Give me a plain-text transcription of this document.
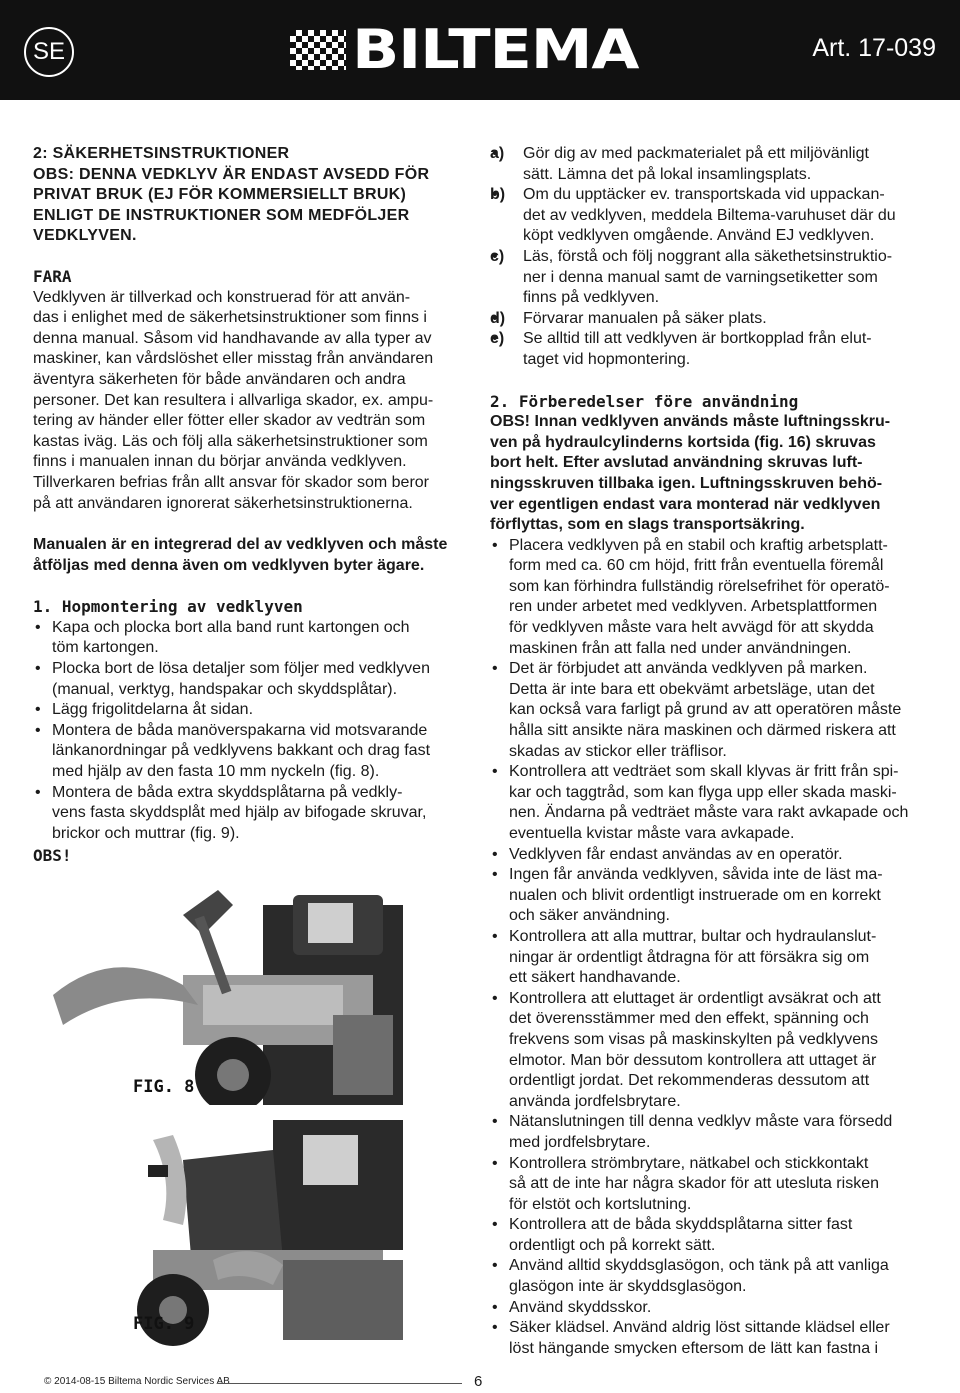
SE	BILTEMA	Art. 17-039

2: SÄKERHETSINSTRUKTIONER

OBS: DENNA VEDKLYV ÄR ENDAST AVSEDD FÖR

PRIVAT BRUK (EJ FÖR KOMMERSIELLT BRUK)

ENLIGT DE INSTRUKTIONER SOM MEDFÖLJER

VEDKLYVEN.

FARA

Vedklyven är tillverkad och konstruerad för att använ-

das i enlighet med de säkerhetsinstruktioner som finns i

denna manual. Såsom vid handhavande av alla typer av

maskiner, kan vårdslöshet eller misstag från användaren

äventyra säkerheten för både användaren och andra

personer. Det kan resultera i allvarliga skador, ex. ampu-

tering av händer eller fötter eller skador av vedträn som

kastas iväg. Läs och följ alla säkerhetsinstruktioner som

finns i manualen innan du börjar använda vedklyven.

Tillverkaren befrias från allt ansvar för skador som beror

på att användaren ignorerat säkerhetsinstruktionerna.

Manualen är en integrerad del av vedklyven och måste

åtföljas med denna även om vedklyven byter ägare.

1. Hopmontering av vedklyven

• Kapa och plocka bort alla band runt kartongen och
töm kartongen.
• Plocka bort de lösa detaljer som följer med vedklyven
(manual, verktyg, handspakar och skyddsplåtar).
• Lägg frigolitdelarna åt sidan.
• Montera de båda manöverspakarna vid motsvarande
länkanordningar på vedklyvens bakkant och drag fast
med hjälp av den fasta 10 mm nyckeln (fig. 8).
• Montera de båda extra skyddsplåtarna på vedkly-
vens fasta skyddsplåt med hjälp av bifogade skruvar,
brickor och muttrar (fig. 9).

OBS!

FIG. 8
FIG. 9
• a) Gör dig av med packmaterialet på ett miljövänligt
sätt. Lämna det på lokal insamlingsplats.
• b) Om du upptäcker ev. transportskada vid uppackan-
det av vedklyven, meddela Biltema-varuhuset där du
köpt vedklyven omgående. Använd EJ vedklyven.
• c) Läs, förstå och följ noggrant alla säkethetsinstruktio-
ner i denna manual samt de varningsetiketter som
finns på vedklyven.
• d) Förvarar manualen på säker plats.
• e) Se alltid till att vedklyven är bortkopplad från elut-
taget vid hopmontering.

2. Förberedelser före användning

OBS! Innan vedklyven används måste luftningsskru-

ven på hydraulcylinderns kortsida (fig. 16) skruvas

bort helt. Efter avslutad användning skruvas luft-

ningsskruven tillbaka igen. Luftningsskruven behö-

ver egentligen endast vara monterad när vedklyven

förflyttas, som en slags transportsäkring.

• Placera vedklyven på en stabil och kraftig arbetsplatt-
form med ca. 60 cm höjd, fritt från eventuella föremål
som kan förhindra fullständig rörelsefrihet för operatö-
ren under arbetet med vedklyven. Arbetsplattformen
för vedklyven måste vara helt avvägd för att skydda
maskinen från att falla ned under användningen.
• Det är förbjudet att använda vedklyven på marken.
Detta är inte bara ett obekvämt arbetsläge, utan det
kan också vara farligt på grund av att operatören måste
hålla sitt ansikte nära maskinen och därmed riskera att
skadas av stickor eller träflisor.
• Kontrollera att vedträet som skall klyvas är fritt från spi-
kar och taggtråd, som kan flyga upp eller skada maski-
nen. Ändarna på vedträet måste vara rakt avkapade och
eventuella kvistar måste vara avkapade.
• Vedklyven får endast användas av en operatör.
• Ingen får använda vedklyven, såvida inte de läst ma-
nualen och blivit ordentligt instruerade om en korrekt
och säker användning.
• Kontrollera att alla muttrar, bultar och hydraulanslut-
ningar är ordentligt åtdragna för att försäkra sig om
ett säkert handhavande.
• Kontrollera att eluttaget är ordentligt avsäkrat och att
det överensstämmer med den effekt, spänning och
frekvens som visas på maskinskylten på vedklyvens
elmotor. Man bör dessutom kontrollera att uttaget är
ordentligt jordat. Det rekommenderas dessutom att
använda jordfelsbrytare.
• Nätanslutningen till denna vedklyv måste vara försedd
med jordfelsbrytare.
• Kontrollera strömbrytare, nätkabel och stickkontakt
så att de inte har några skador för att utesluta risken
för elstöt och kortslutning.
• Kontrollera att de båda skyddsplåtarna sitter fast
ordentligt och på korrekt sätt.
• Använd alltid skyddsglasögon, och tänk på att vanliga
glasögon inte är skyddsglasögon.
• Använd skyddsskor.
• Säker klädsel. Använd aldrig löst sittande klädsel eller
löst hängande smycken eftersom de lätt kan fastna i
© 2014-08-15 Biltema Nordic Services AB	6
